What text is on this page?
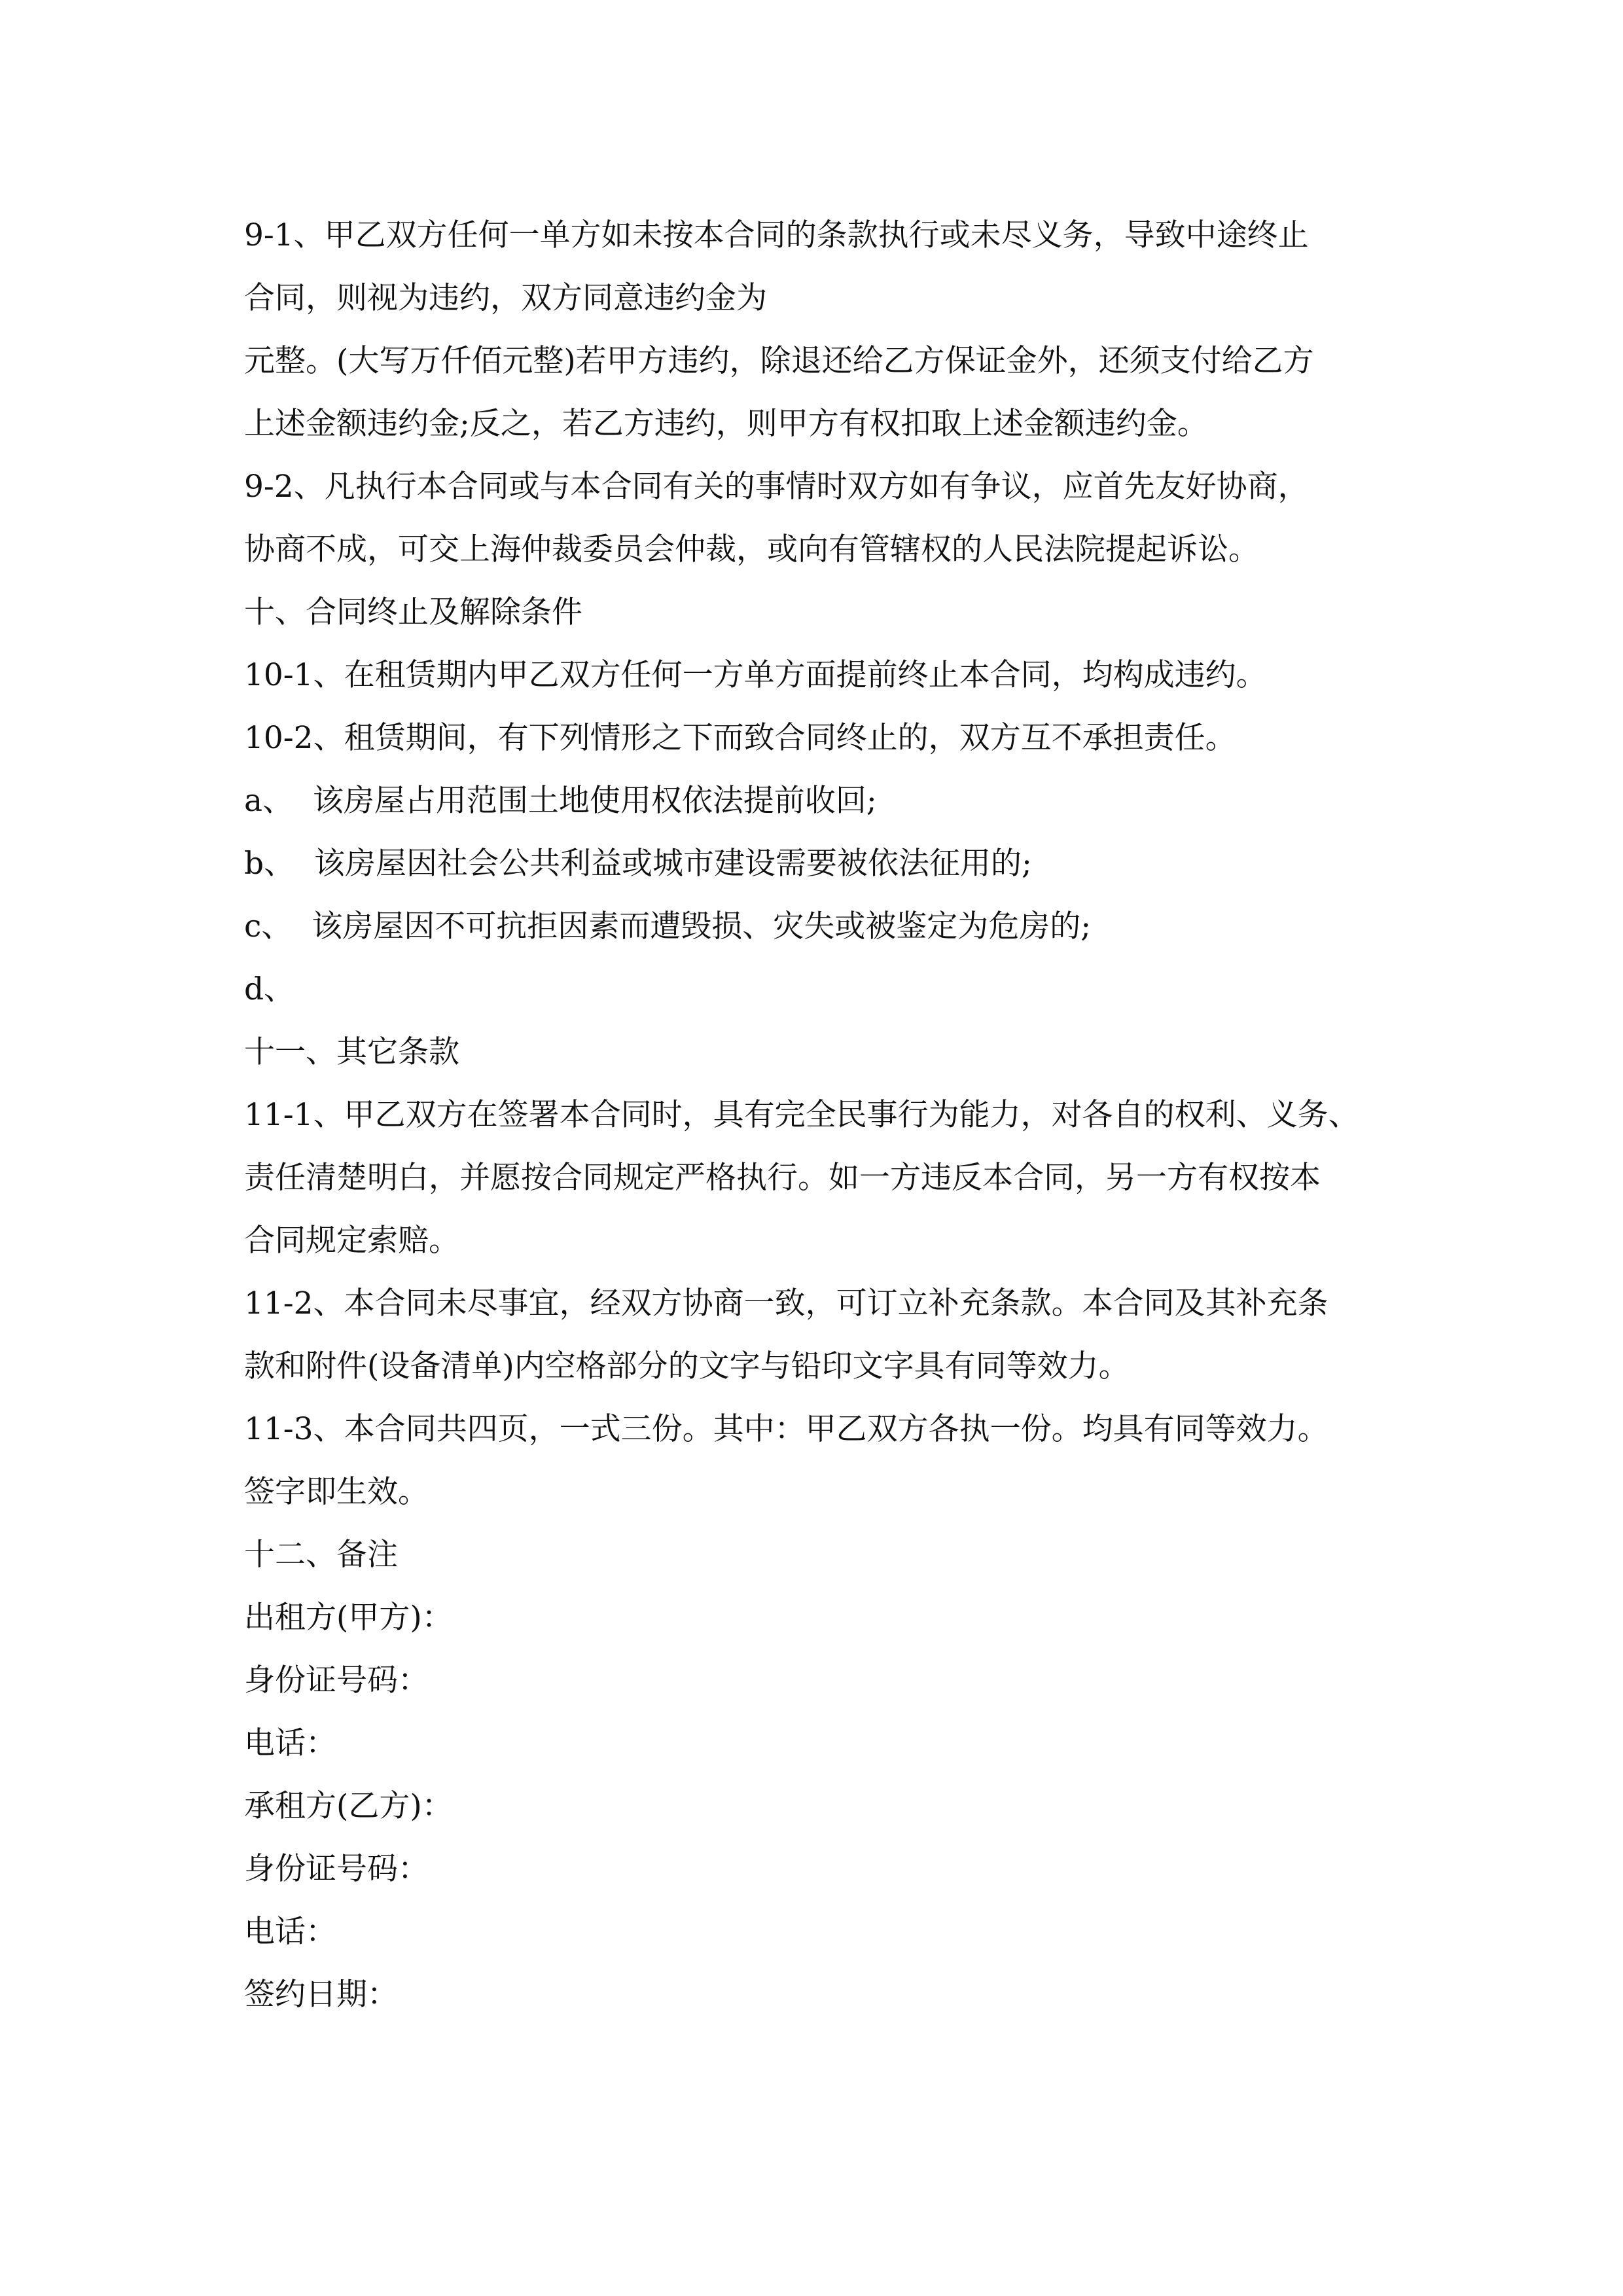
9-1、甲乙双方任何一单方如未按本合同的条款执行或未尽义务，导致中途终止

合同，则视为违约，双方同意违约金为

元整。(大写万仟佰元整)若甲方违约，除退还给乙方保证金外，还须支付给乙方

上述金额违约金;反之，若乙方违约，则甲方有权扣取上述金额违约金。

9-2、凡执行本合同或与本合同有关的事情时双方如有争议，应首先友好协商，

协商不成，可交上海仲裁委员会仲裁，或向有管辖权的人民法院提起诉讼。

十、合同终止及解除条件

10-1、在租赁期内甲乙双方任何一方单方面提前终止本合同，均构成违约。

10-2、租赁期间，有下列情形之下而致合同终止的，双方互不承担责任。

a、  该房屋占用范围土地使用权依法提前收回;

b、  该房屋因社会公共利益或城市建设需要被依法征用的;

c、  该房屋因不可抗拒因素而遭毁损、灾失或被鉴定为危房的;

d、

十一、其它条款

11-1、甲乙双方在签署本合同时，具有完全民事行为能力，对各自的权利、义务、

责任清楚明白，并愿按合同规定严格执行。如一方违反本合同，另一方有权按本

合同规定索赔。

11-2、本合同未尽事宜，经双方协商一致，可订立补充条款。本合同及其补充条

款和附件(设备清单)内空格部分的文字与铅印文字具有同等效力。

11-3、本合同共四页，一式三份。其中：甲乙双方各执一份。均具有同等效力。

签字即生效。

十二、备注

出租方(甲方)：

身份证号码：

电话：

承租方(乙方)：

身份证号码：

电话：

签约日期：
